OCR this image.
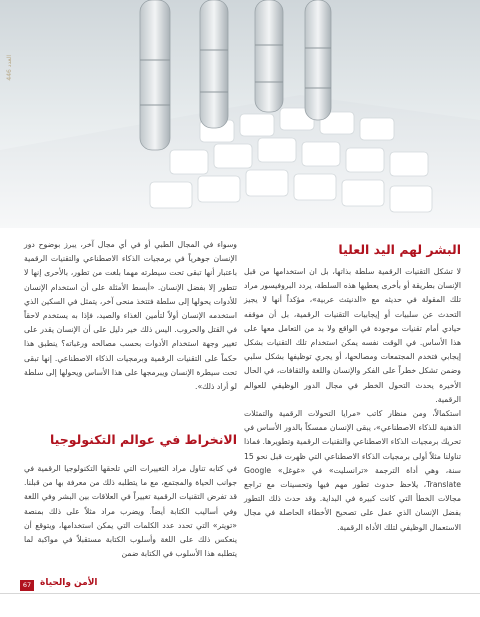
العدد 446
البشر لهم اليد العليا

لا تشكل التقنيات الرقمية سلطة بذاتها، بل ان استخدامها من قبل الإنسان بطريقة أو بأخرى يعطيها هذه السلطة، يردد البروفيسور مراد تلك المقولة في حديثه مع «الدنيتث عربية»، مؤكداً أنها لا يجيز التحدث عن سلبيات أو إيجابيات التقنيات الرقمية، بل أن موقفه حيادي أمام تقنيات موجودة في الواقع ولا بد من التعامل معها على هذا الأساس. في الوقت نفسه يمكن استخدام تلك التقنيات بشكل إيجابي فتخدم المجتمعات ومصالحها، أو يجري توظيفها بشكل سلبي وضمن تشكل خطراً على الفكر والإنسان واللغة والثقافات، في الحال الأخيرة يحدث التحول الخطر في مجال الدور الوظيفي للعوالم الرقمية.

استكمالاً، ومن منظار كاتب «مرايا التحولات الرقمية والتمثلات الذهنية للذكاء الاصطناعي»، يبقى الإنسان ممسكاً بالدور الأساس في تحريك برمجيات الذكاء الاصطناعي والتقنيات الرقمية وتطويرها. فماذا تناولنا مثلاً أولى برمجيات الذكاء الاصطناعي التي ظهرت قبل نحو 15 سنة، وهي أداة الترجمة «ترانسليت» في «غوغل» Google Translate، يلاحظ حدوث تطور مهم فيها وتحسينات مع تراجع مجالات الخطأ التي كانت كبيرة في البداية. وقد حدث ذلك التطور بفضل الإنسان الذي عمل على تصحيح الأخطاء الحاصلة في مجال الاستعمال الوظيفي لتلك الأداة الرقمية.

وسواء في المجال الطبي أو في أي مجال آخر، يبرز بوضوح دور الإنسان جوهرياً في برمجيات الذكاء الاصطناعي والتقنيات الرقمية باعتبار أنها تبقى تحت سيطرته مهما بلغت من تطور، بالأحرى إنها لا تتطور إلا بفضل الإنسان. «أبسط الأمثلة على أن استخدام الإنسان للأدوات يحولها إلى سلطة فتتخذ منحى آخر، يتمثل في السكين الذي استخدمه الإنسان أولاً لتأمين الغذاء والصيد، فإذا به يستخدم لاحقاً في القتل والحروب. اليس ذلك خير دليل على أن الإنسان يقدر على تغيير وجهة استخدام الأدوات بحسب مصالحه ورغباته؟ ينطبق هذا حكماً على التقنيات الرقمية وبرمجيات الذكاء الاصطناعي. إنها تبقى تحت سيطرة الإنسان ويبرمجها على هذا الأساس ويحولها إلى سلطة لو أراد ذلك».

الانخراط في عوالم التكنولوجيا

في كتابه تناول مراد التغييرات التي تلحقها التكنولوجيا الرقمية في جوانب الحياة والمجتمع، مع ما يتطلبه ذلك من معرفة بها من قبلنا. قد تفرض التقنيات الرقمية تغييراً في العلاقات بين البشر وفي اللغة وفي أساليب الكتابة أيضاً. ويضرب مراد مثلاً على ذلك بمنصة «تويتر» التي تحدد عدد الكلمات التي يمكن استخدامها، ويتوقع أن ينعكس ذلك على اللغة وأسلوب الكتابة مستقبلاً في مواكبة لما يتطلبه هذا الأسلوب في الكتابة ضمن

الأمن والحياة
67
